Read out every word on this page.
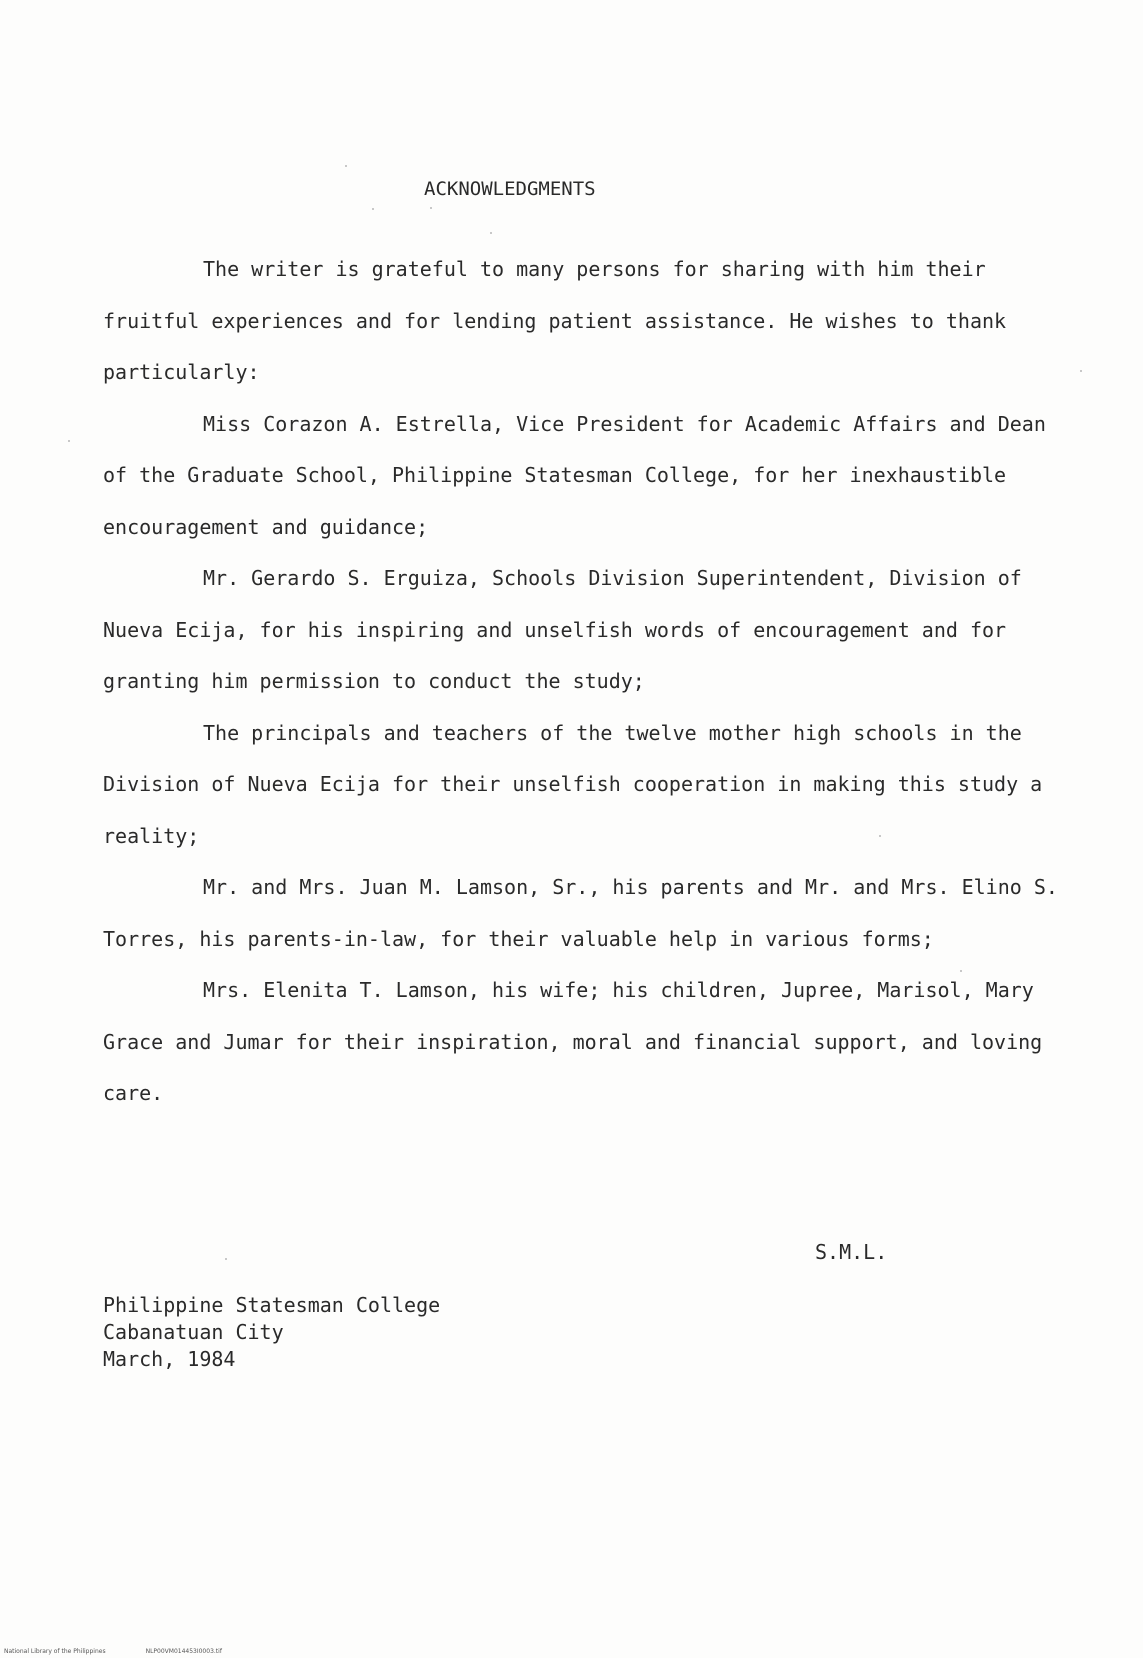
ACKNOWLEDGMENTS

The writer is grateful to many persons for sharing with him their fruitful experiences and for lending patient assistance. He wishes to thank particularly:

Miss Corazon A. Estrella, Vice President for Academic Affairs and Dean of the Graduate School, Philippine Statesman College, for her inexhaustible encouragement and guidance;

Mr. Gerardo S. Erguiza, Schools Division Superintendent, Division of Nueva Ecija, for his inspiring and unselfish words of encouragement and for granting him permission to conduct the study;

The principals and teachers of the twelve mother high schools in the Division of Nueva Ecija for their unselfish cooperation in making this study a reality;

Mr. and Mrs. Juan M. Lamson, Sr., his parents and Mr. and Mrs. Elino S. Torres, his parents-in-law, for their valuable help in various forms;

Mrs. Elenita T. Lamson, his wife; his children, Jupree, Marisol, Mary Grace and Jumar for their inspiration, moral and financial support, and loving care.

S.M.L.
Philippine Statesman College
Cabanatuan City
March, 1984
National Library of the Philippines	NLP00VM014453I0003.tif
